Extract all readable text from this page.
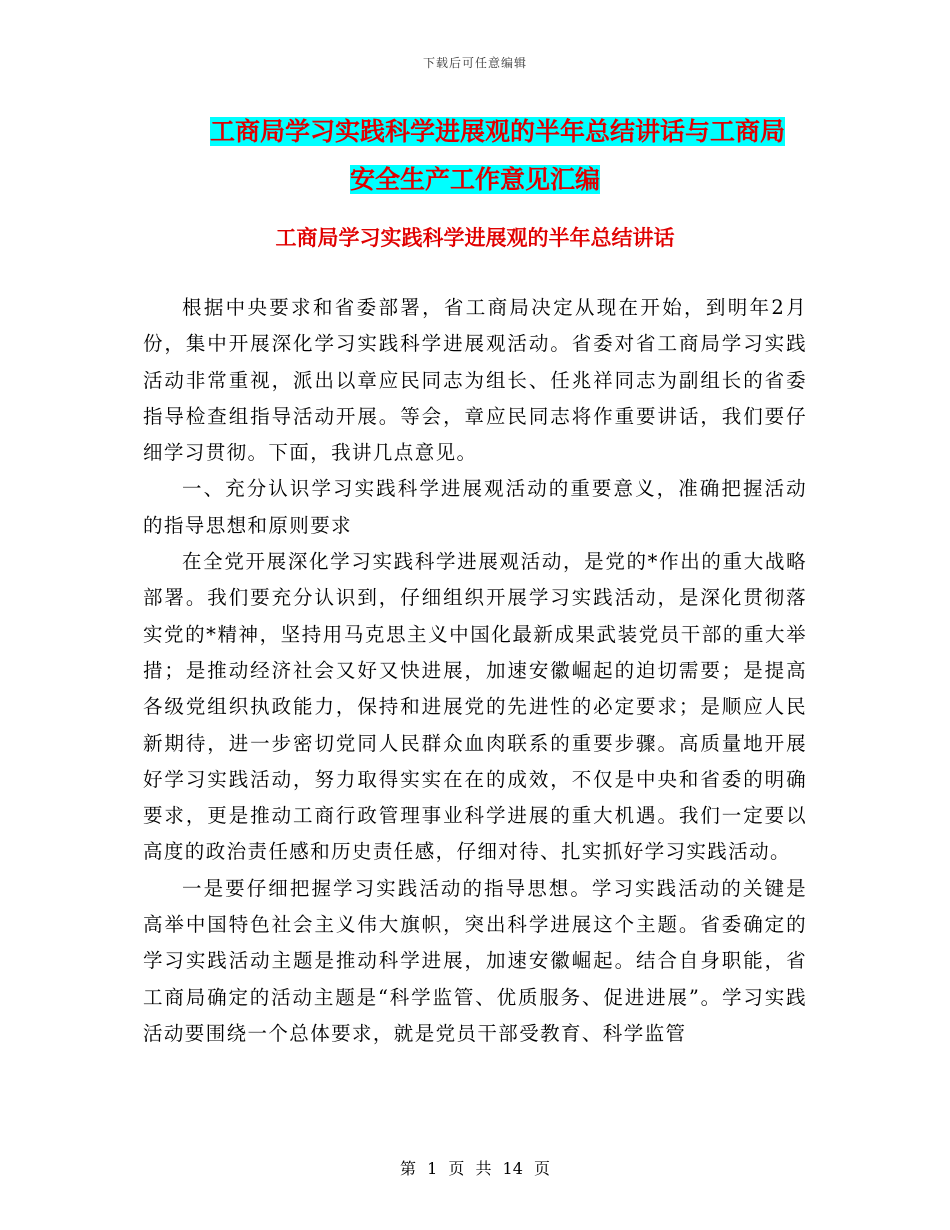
下载后可任意编辑
工商局学习实践科学进展观的半年总结讲话与工商局
安全生产工作意见汇编
工商局学习实践科学进展观的半年总结讲话

根据中央要求和省委部署，省工商局决定从现在开始，到明年2月份，集中开展深化学习实践科学进展观活动。省委对省工商局学习实践活动非常重视，派出以章应民同志为组长、任兆祥同志为副组长的省委指导检查组指导活动开展。等会，章应民同志将作重要讲话，我们要仔细学习贯彻。下面，我讲几点意见。

一、充分认识学习实践科学进展观活动的重要意义，准确把握活动的指导思想和原则要求

在全党开展深化学习实践科学进展观活动，是党的*作出的重大战略部署。我们要充分认识到，仔细组织开展学习实践活动，是深化贯彻落实党的*精神，坚持用马克思主义中国化最新成果武装党员干部的重大举措；是推动经济社会又好又快进展，加速安徽崛起的迫切需要；是提高各级党组织执政能力，保持和进展党的先进性的必定要求；是顺应人民新期待，进一步密切党同人民群众血肉联系的重要步骤。高质量地开展好学习实践活动，努力取得实实在在的成效，不仅是中央和省委的明确要求，更是推动工商行政管理事业科学进展的重大机遇。我们一定要以高度的政治责任感和历史责任感，仔细对待、扎实抓好学习实践活动。

一是要仔细把握学习实践活动的指导思想。学习实践活动的关键是高举中国特色社会主义伟大旗帜，突出科学进展这个主题。省委确定的学习实践活动主题是推动科学进展，加速安徽崛起。结合自身职能，省工商局确定的活动主题是“科学监管、优质服务、促进进展”。学习实践活动要围绕一个总体要求，就是党员干部受教育、科学监管

第 1 页 共 14 页
